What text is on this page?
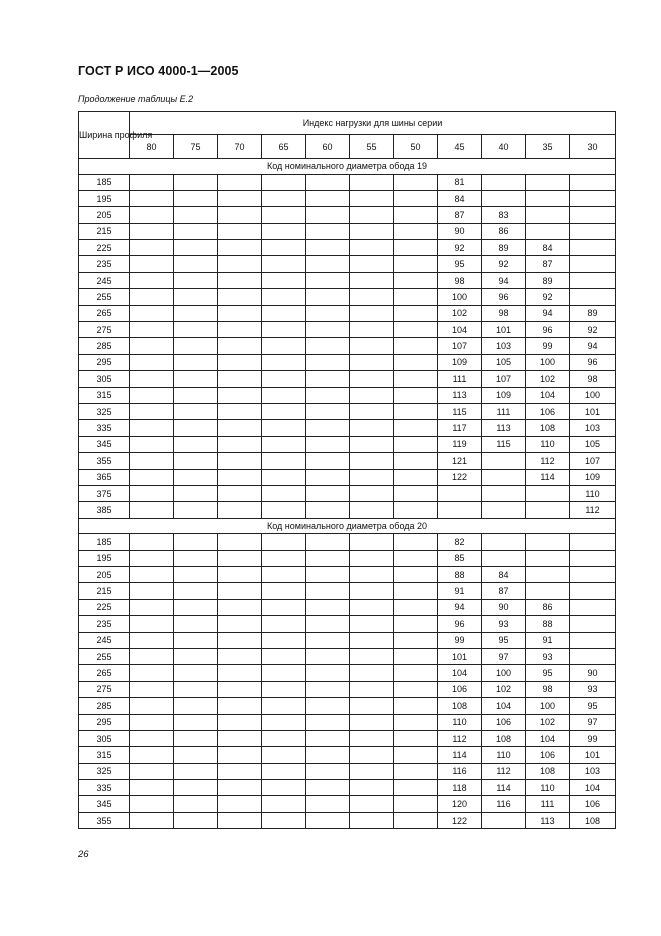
ГОСТ Р ИСО 4000-1—2005
Продолжение таблицы Е.2
Ширина профиля	Индекс нагрузки для шины серии										
	80	75	70	65	60	55	50	45	40	35	30
Код номинального диаметра обода 19											
185								81			
195								84			
205								87	83		
215								90	86		
225								92	89	84	
235								95	92	87	
245								98	94	89	
255								100	96	92	
265								102	98	94	89
275								104	101	96	92
285								107	103	99	94
295								109	105	100	96
305								111	107	102	98
315								113	109	104	100
325								115	111	106	101
335								117	113	108	103
345								119	115	110	105
355								121		112	107
365								122		114	109
375											110
385											112
Код номинального диаметра обода 20											
185								82			
195								85			
205								88	84		
215								91	87		
225								94	90	86	
235								96	93	88	
245								99	95	91	
255								101	97	93	
265								104	100	95	90
275								106	102	98	93
285								108	104	100	95
295								110	106	102	97
305								112	108	104	99
315								114	110	106	101
325								116	112	108	103
335								118	114	110	104
345								120	116	111	106
355								122		113	108
26
